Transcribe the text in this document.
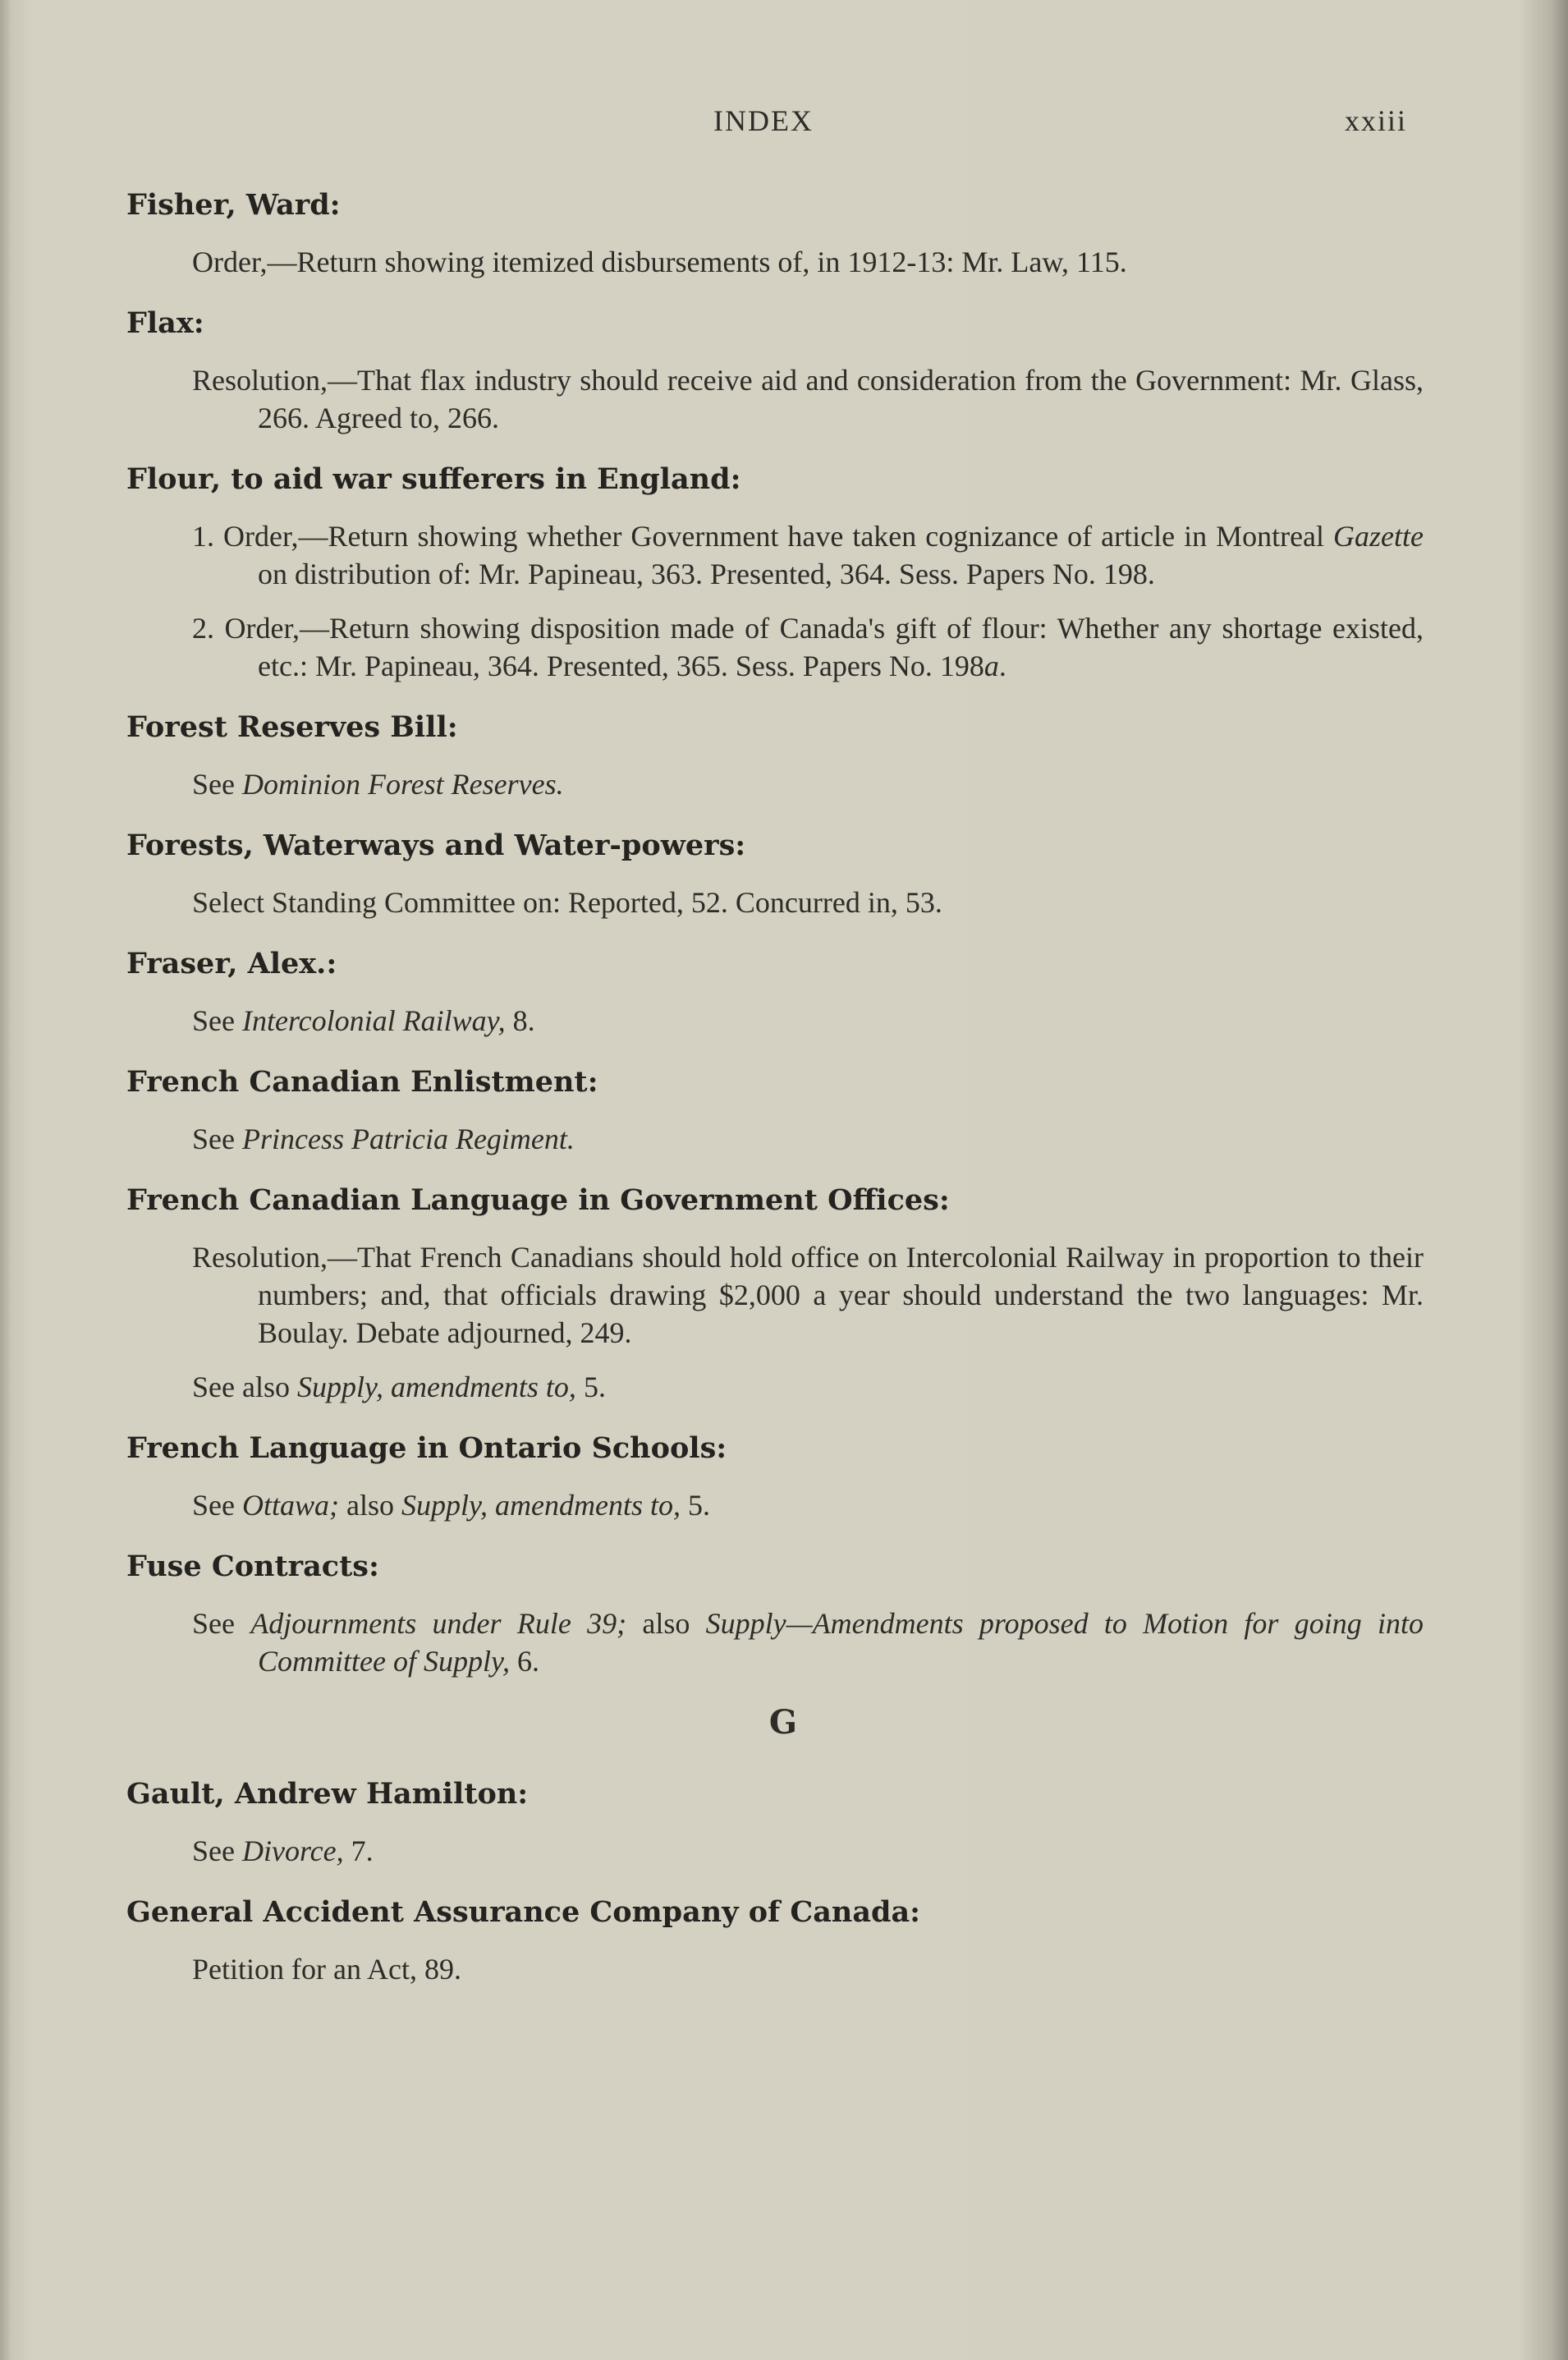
INDEX	xxiii
Fisher, Ward:
Order,—Return showing itemized disbursements of, in 1912-13: Mr. Law, 115.
Flax:
Resolution,—That flax industry should receive aid and consideration from the Government: Mr. Glass, 266. Agreed to, 266.
Flour, to aid war sufferers in England:
1. Order,—Return showing whether Government have taken cognizance of article in Montreal Gazette on distribution of: Mr. Papineau, 363. Presented, 364. Sess. Papers No. 198.
2. Order,—Return showing disposition made of Canada's gift of flour: Whether any shortage existed, etc.: Mr. Papineau, 364. Presented, 365. Sess. Papers No. 198a.
Forest Reserves Bill:
See Dominion Forest Reserves.
Forests, Waterways and Water-powers:
Select Standing Committee on: Reported, 52. Concurred in, 53.
Fraser, Alex.:
See Intercolonial Railway, 8.
French Canadian Enlistment:
See Princess Patricia Regiment.
French Canadian Language in Government Offices:
Resolution,—That French Canadians should hold office on Intercolonial Railway in proportion to their numbers; and, that officials drawing $2,000 a year should understand the two languages: Mr. Boulay. Debate adjourned, 249.
See also Supply, amendments to, 5.
French Language in Ontario Schools:
See Ottawa; also Supply, amendments to, 5.
Fuse Contracts:
See Adjournments under Rule 39; also Supply—Amendments proposed to Motion for going into Committee of Supply, 6.
G
Gault, Andrew Hamilton:
See Divorce, 7.
General Accident Assurance Company of Canada:
Petition for an Act, 89.
